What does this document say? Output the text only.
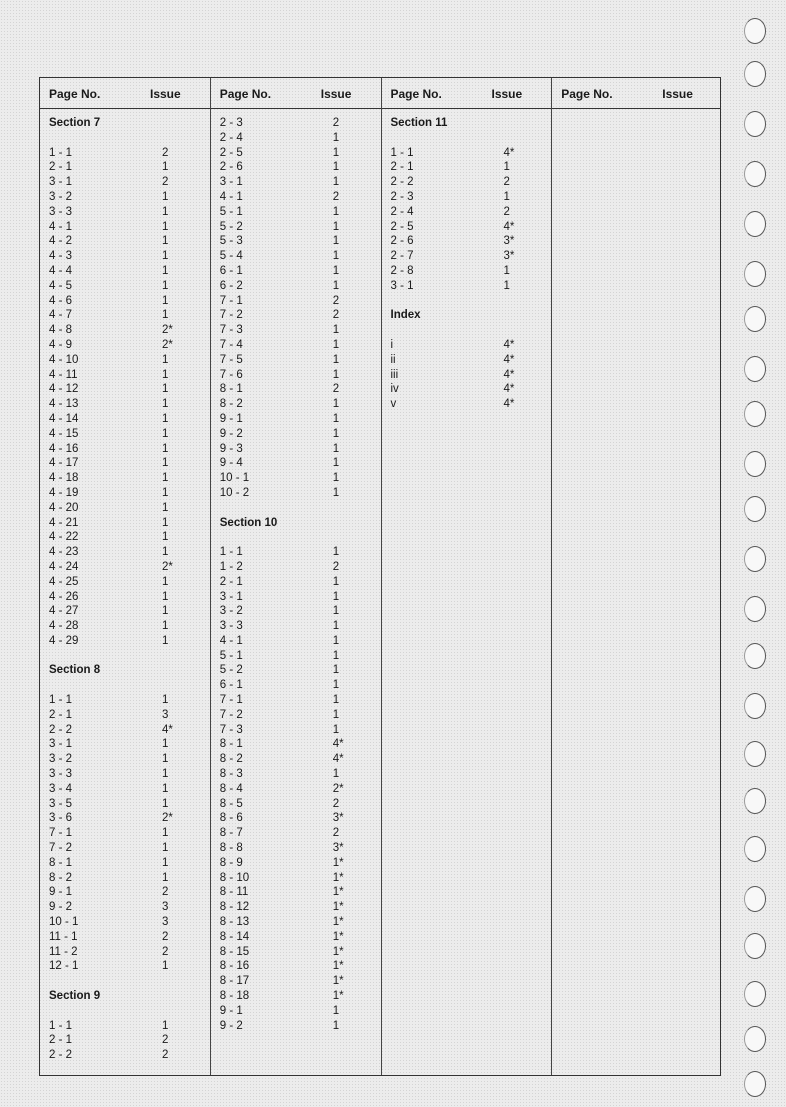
Page No.	Issue
Section 7
1 - 1	2
2 - 1	1
3 - 1	2
3 - 2	1
3 - 3	1
4 - 1	1
4 - 2	1
4 - 3	1
4 - 4	1
4 - 5	1
4 - 6	1
4 - 7	1
4 - 8	2*
4 - 9	2*
4 - 10	1
4 - 11	1
4 - 12	1
4 - 13	1
4 - 14	1
4 - 15	1
4 - 16	1
4 - 17	1
4 - 18	1
4 - 19	1
4 - 20	1
4 - 21	1
4 - 22	1
4 - 23	1
4 - 24	2*
4 - 25	1
4 - 26	1
4 - 27	1
4 - 28	1
4 - 29	1
Section 8
1 - 1	1
2 - 1	3
2 - 2	4*
3 - 1	1
3 - 2	1
3 - 3	1
3 - 4	1
3 - 5	1
3 - 6	2*
7 - 1	1
7 - 2	1
8 - 1	1
8 - 2	1
9 - 1	2
9 - 2	3
10 - 1	3
11 - 1	2
11 - 2	2
12 - 1	1
Section 9
1 - 1	1
2 - 1	2
2 - 2	2
Page No.	Issue
2 - 3	2
2 - 4	1
2 - 5	1
2 - 6	1
3 - 1	1
4 - 1	2
5 - 1	1
5 - 2	1
5 - 3	1
5 - 4	1
6 - 1	1
6 - 2	1
7 - 1	2
7 - 2	2
7 - 3	1
7 - 4	1
7 - 5	1
7 - 6	1
8 - 1	2
8 - 2	1
9 - 1	1
9 - 2	1
9 - 3	1
9 - 4	1
10 - 1	1
10 - 2	1
Section 10
1 - 1	1
1 - 2	2
2 - 1	1
3 - 1	1
3 - 2	1
3 - 3	1
4 - 1	1
5 - 1	1
5 - 2	1
6 - 1	1
7 - 1	1
7 - 2	1
7 - 3	1
8 - 1	4*
8 - 2	4*
8 - 3	1
8 - 4	2*
8 - 5	2
8 - 6	3*
8 - 7	2
8 - 8	3*
8 - 9	1*
8 - 10	1*
8 - 11	1*
8 - 12	1*
8 - 13	1*
8 - 14	1*
8 - 15	1*
8 - 16	1*
8 - 17	1*
8 - 18	1*
9 - 1	1
9 - 2	1
Page No.	Issue
Section 11
1 - 1	4*
2 - 1	1
2 - 2	2
2 - 3	1
2 - 4	2
2 - 5	4*
2 - 6	3*
2 - 7	3*
2 - 8	1
3 - 1	1
Index
i	4*
ii	4*
iii	4*
iv	4*
v	4*
Page No.	Issue
